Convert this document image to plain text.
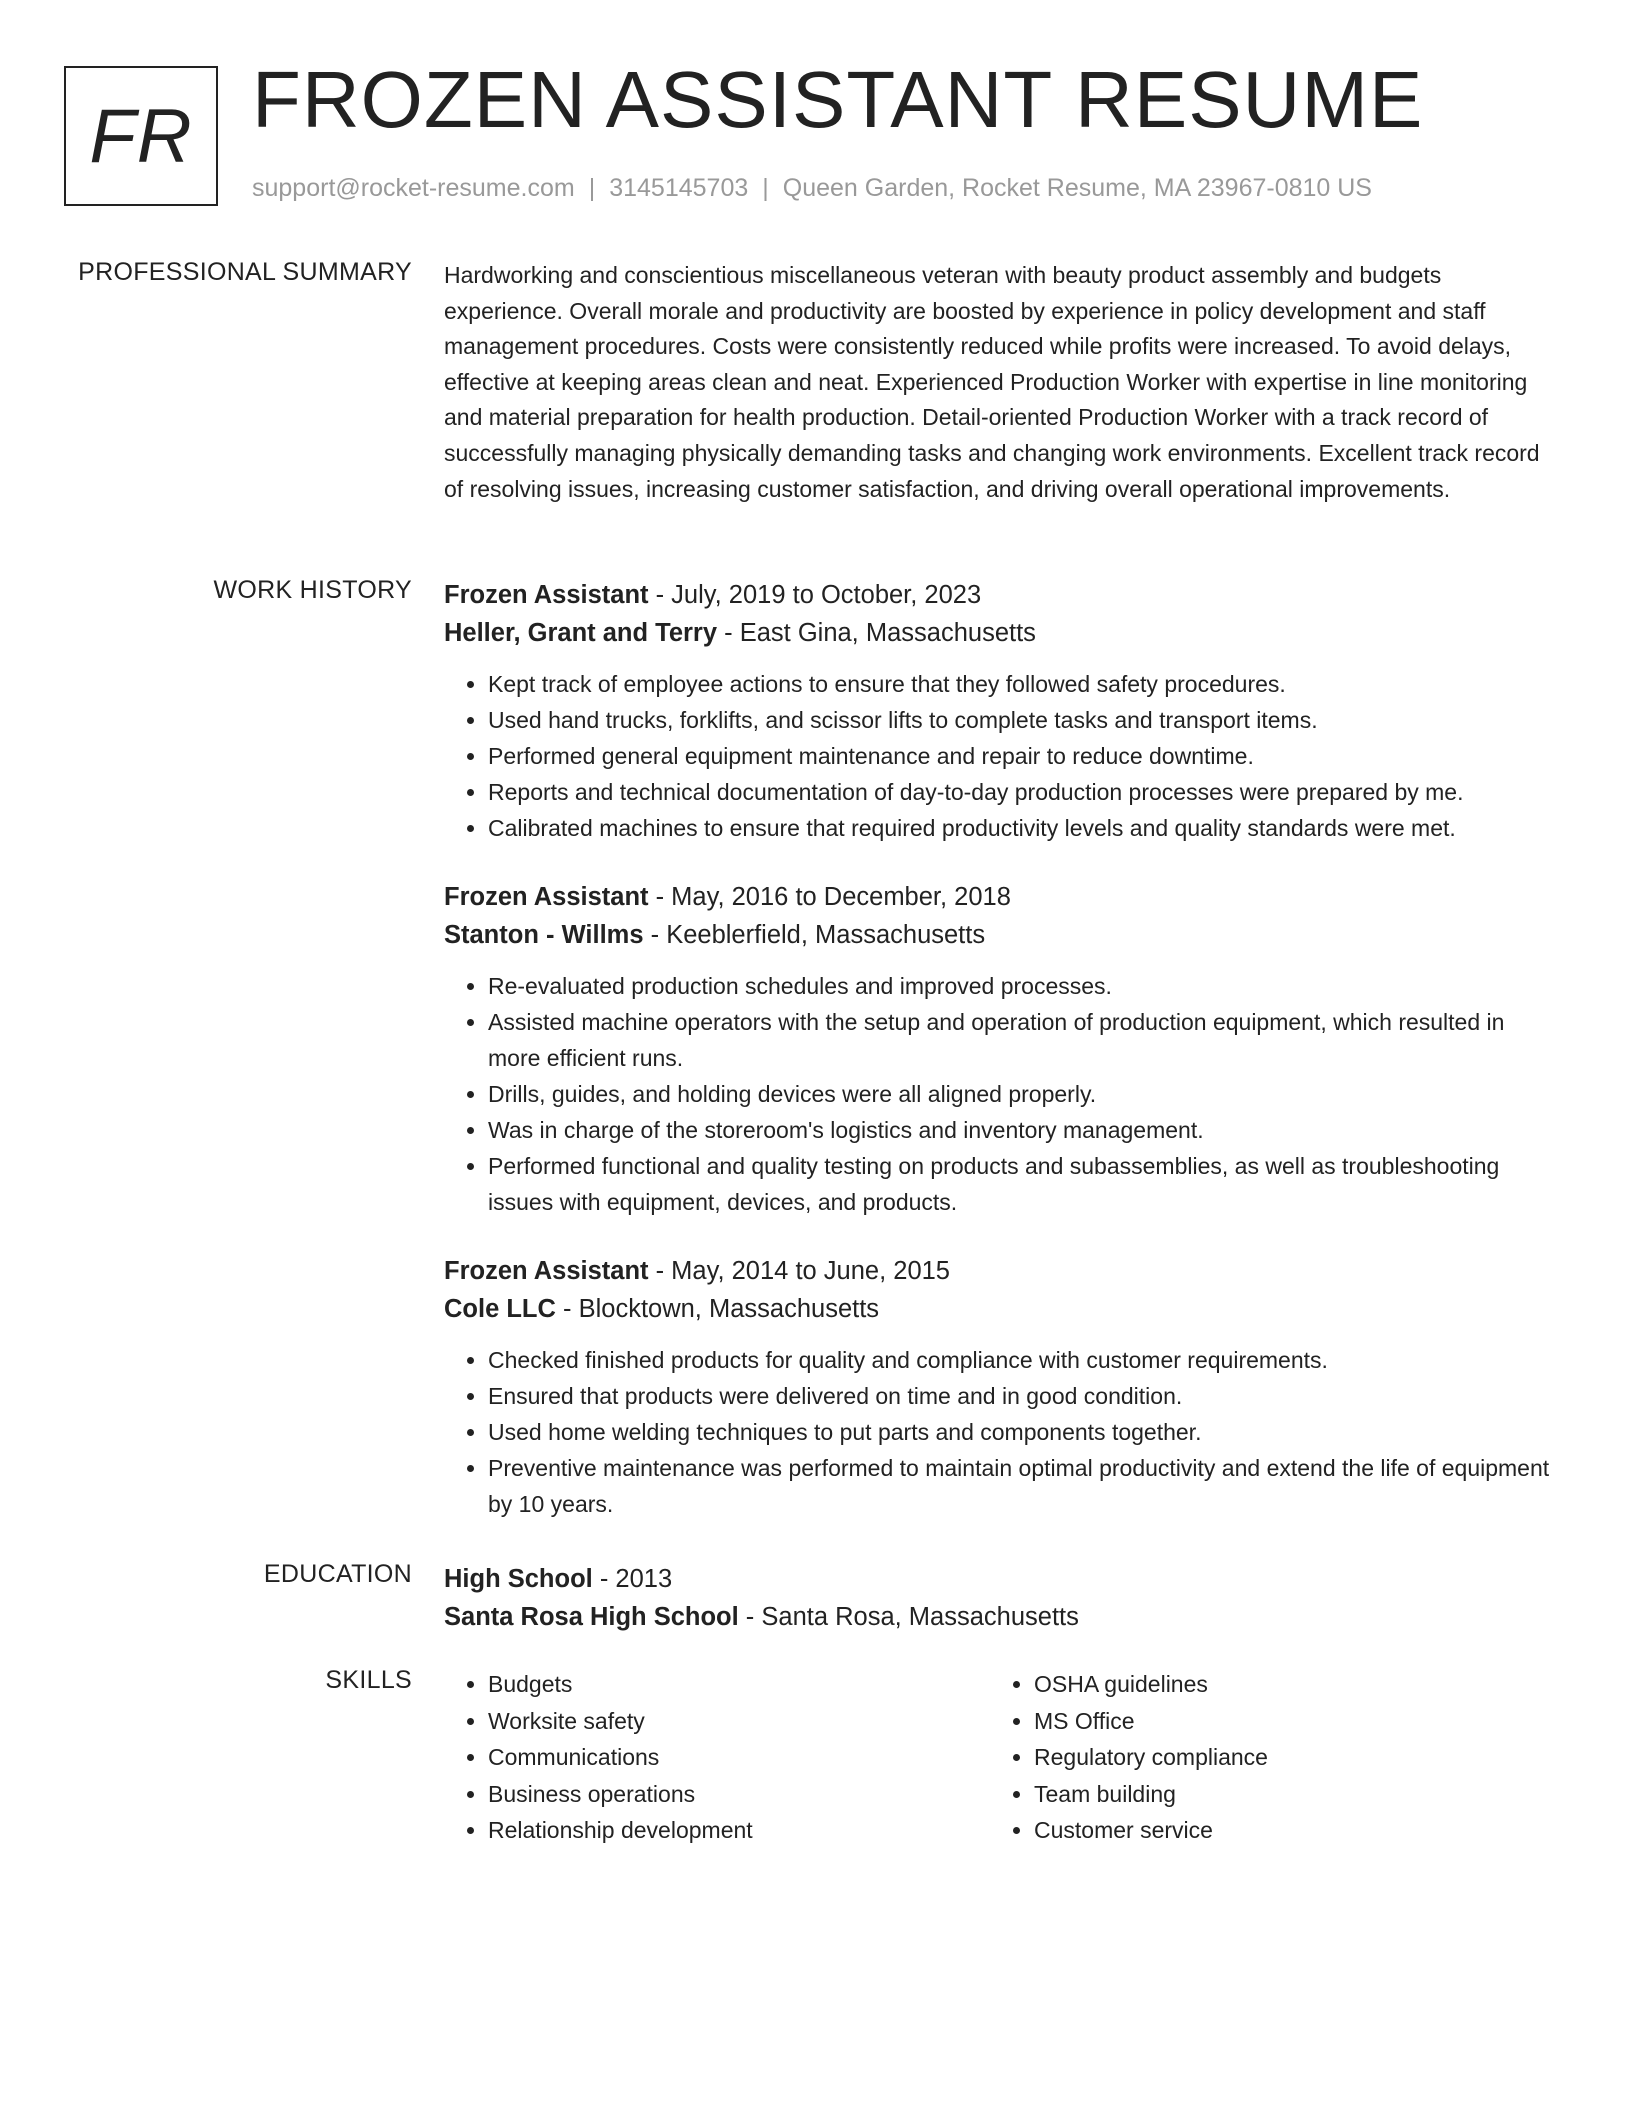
FR FROZEN ASSISTANT RESUME
support@rocket-resume.com | 3145145703 | Queen Garden, Rocket Resume, MA 23967-0810 US
PROFESSIONAL SUMMARY Hardworking and conscientious miscellaneous veteran with beauty product assembly and budgets experience. Overall morale and productivity are boosted by experience in policy development and staff management procedures. Costs were consistently reduced while profits were increased. To avoid delays, effective at keeping areas clean and neat. Experienced Production Worker with expertise in line monitoring and material preparation for health production. Detail-oriented Production Worker with a track record of successfully managing physically demanding tasks and changing work environments. Excellent track record of resolving issues, increasing customer satisfaction, and driving overall operational improvements.

WORK HISTORY Frozen Assistant - July, 2019 to October, 2023
Heller, Grant and Terry - East Gina, Massachusetts
• Kept track of employee actions to ensure that they followed safety procedures.
• Used hand trucks, forklifts, and scissor lifts to complete tasks and transport items.
• Performed general equipment maintenance and repair to reduce downtime.
• Reports and technical documentation of day-to-day production processes were prepared by me.
• Calibrated machines to ensure that required productivity levels and quality standards were met.
Frozen Assistant - May, 2016 to December, 2018
Stanton - Willms - Keeblerfield, Massachusetts
• Re-evaluated production schedules and improved processes.
• Assisted machine operators with the setup and operation of production equipment, which resulted in more efficient runs.
• Drills, guides, and holding devices were all aligned properly.
• Was in charge of the storeroom's logistics and inventory management.
• Performed functional and quality testing on products and subassemblies, as well as troubleshooting issues with equipment, devices, and products.
Frozen Assistant - May, 2014 to June, 2015
Cole LLC - Blocktown, Massachusetts
• Checked finished products for quality and compliance with customer requirements.
• Ensured that products were delivered on time and in good condition.
• Used home welding techniques to put parts and components together.
• Preventive maintenance was performed to maintain optimal productivity and extend the life of equipment by 10 years.
EDUCATION High School - 2013
Santa Rosa High School - Santa Rosa, Massachusetts
SKILLS
•	Budgets
• Worksite safety
• Communications
• Business operations
• Relationship development
• OSHA guidelines
• MS Office
• Regulatory compliance
• Team building
• Customer service
